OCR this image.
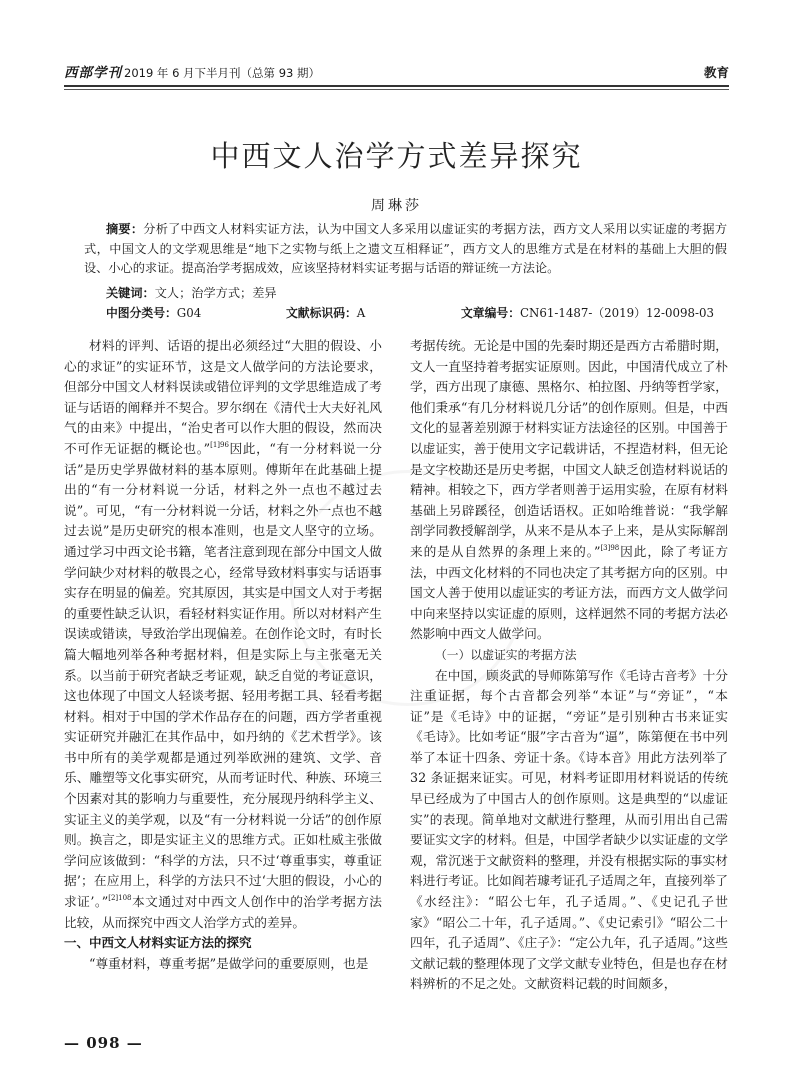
西部学刊 2019 年 6 月下半月刊（总第 93 期）	教育
中西文人治学方式差异探究
周琳莎
摘要：分析了中西文人材料实证方法，认为中国文人多采用以虚证实的考据方法，西方文人采用以实证虚的考据方式，中国文人的文学观思维是“地下之实物与纸上之遗文互相释证”，西方文人的思维方式是在材料的基础上大胆的假设、小心的求证。提高治学考据成效，应该坚持材料实证考据与话语的辩证统一方法论。
关键词：文人；治学方式；差异
中图分类号：G04	文献标识码：A	文章编号：CN61-1487-（2019）12-0098-03

材料的评判、话语的提出必须经过“大胆的假设、小心的求证”的实证环节，这是文人做学问的方法论要求，但部分中国文人材料误读或错位评判的文学思维造成了考证与话语的阐释并不契合。罗尔纲在《清代士大夫好礼风气的由来》中提出，“治史者可以作大胆的假设，然而决不可作无证据的概论也。”$^{[1]96}$因此，“有一分材料说一分话”是历史学界做材料的基本原则。傅斯年在此基础上提出的“有一分材料说一分话，材料之外一点也不越过去说”。可见，“有一分材料说一分话，材料之外一点也不越过去说”是历史研究的根本准则，也是文人坚守的立场。通过学习中西文论书籍，笔者注意到现在部分中国文人做学问缺少对材料的敬畏之心，经常导致材料事实与话语事实存在明显的偏差。究其原因，其实是中国文人对于考据的重要性缺乏认识，看轻材料实证作用。所以对材料产生误读或错读，导致治学出现偏差。在创作论文时，有时长篇大幅地列举各种考据材料，但是实际上与主张毫无关系。以当前于研究者缺乏考证观，缺乏自觉的考证意识，这也体现了中国文人轻谈考据、轻用考据工具、轻看考据材料。相对于中国的学术作品存在的问题，西方学者重视实证研究并融汇在其作品中，如丹纳的《艺术哲学》。该书中所有的美学观都是通过列举欧洲的建筑、文学、音乐、雕塑等文化事实研究，从而考证时代、种族、环境三个因素对其的影响力与重要性，充分展现丹纳科学主义、实证主义的美学观，以及“有一分材料说一分话”的创作原则。换言之，即是实证主义的思维方式。正如杜威主张做学问应该做到：“科学的方法，只不过‘尊重事实，尊重证据’；在应用上，科学的方法只不过‘大胆的假设，小心的求证’。”$^{[2]108}$本文通过对中西文人创作中的治学考据方法比较，从而探究中西文人治学方式的差异。

一、中西文人材料实证方法的探究

“尊重材料，尊重考据”是做学问的重要原则，也是

考据传统。无论是中国的先秦时期还是西方古希腊时期，文人一直坚持着考据实证原则。因此，中国清代成立了朴学，西方出现了康德、黑格尔、柏拉图、丹纳等哲学家，他们秉承“有几分材料说几分话”的创作原则。但是，中西文化的显著差别源于材料实证方法途径的区别。中国善于以虚证实，善于使用文字记载讲话，不捏造材料，但无论是文字校勘还是历史考据，中国文人缺乏创造材料说话的精神。相较之下，西方学者则善于运用实验，在原有材料基础上另辟蹊径，创造话语权。正如哈维普说：“我学解剖学同教授解剖学，从来不是从本子上来，是从实际解剖来的是从自然界的条理上来的。”$^{[3]98}$因此，除了考证方法，中西文化材料的不同也决定了其考据方向的区别。中国文人善于使用以虚证实的考证方法，而西方文人做学问中向来坚持以实证虚的原则，这样迥然不同的考据方法必然影响中西文人做学问。

（一）以虚证实的考据方法

在中国，顾炎武的导师陈第写作《毛诗古音考》十分注重证据，每个古音都会列举“本证”与“旁证”，“本证”是《毛诗》中的证据，“旁证”是引别种古书来证实《毛诗》。比如考证“服”字古音为“逼”，陈第便在书中列举了本证十四条、旁证十条。《诗本音》用此方法列举了 32 条证据来证实。可见，材料考证即用材料说话的传统早已经成为了中国古人的创作原则。这是典型的“以虚证实”的表现。简单地对文献进行整理，从而引用出自己需要证实文字的材料。但是，中国学者缺少以实证虚的文学观，常沉迷于文献资料的整理，并没有根据实际的事实材料进行考证。比如阎若璩考证孔子适周之年，直接列举了《水经注》：“昭公七年，孔子适周。”、《史记孔子世家》“昭公二十年，孔子适周。”、《史记索引》“昭公二十四年，孔子适周”、《庄子》：“定公九年，孔子适周。”这些文献记载的整理体现了文学文献专业特色，但是也存在材料辨析的不足之处。文献资料记载的时间颇多，

— 098 —
